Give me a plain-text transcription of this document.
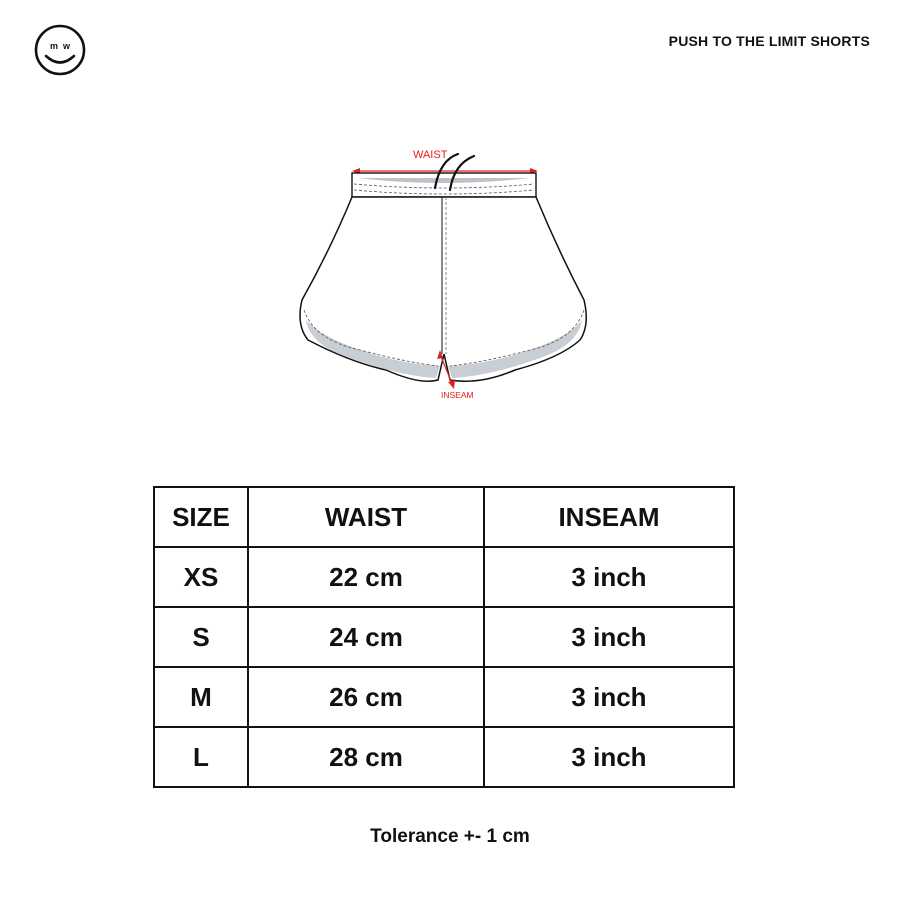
m w	PUSH TO THE LIMIT SHORTS
WAIST
INSEAM
SIZE	WAIST	INSEAM
XS	22 cm	3 inch
S	24 cm	3 inch
M	26 cm	3 inch
L	28 cm	3 inch
Tolerance +- 1 cm
